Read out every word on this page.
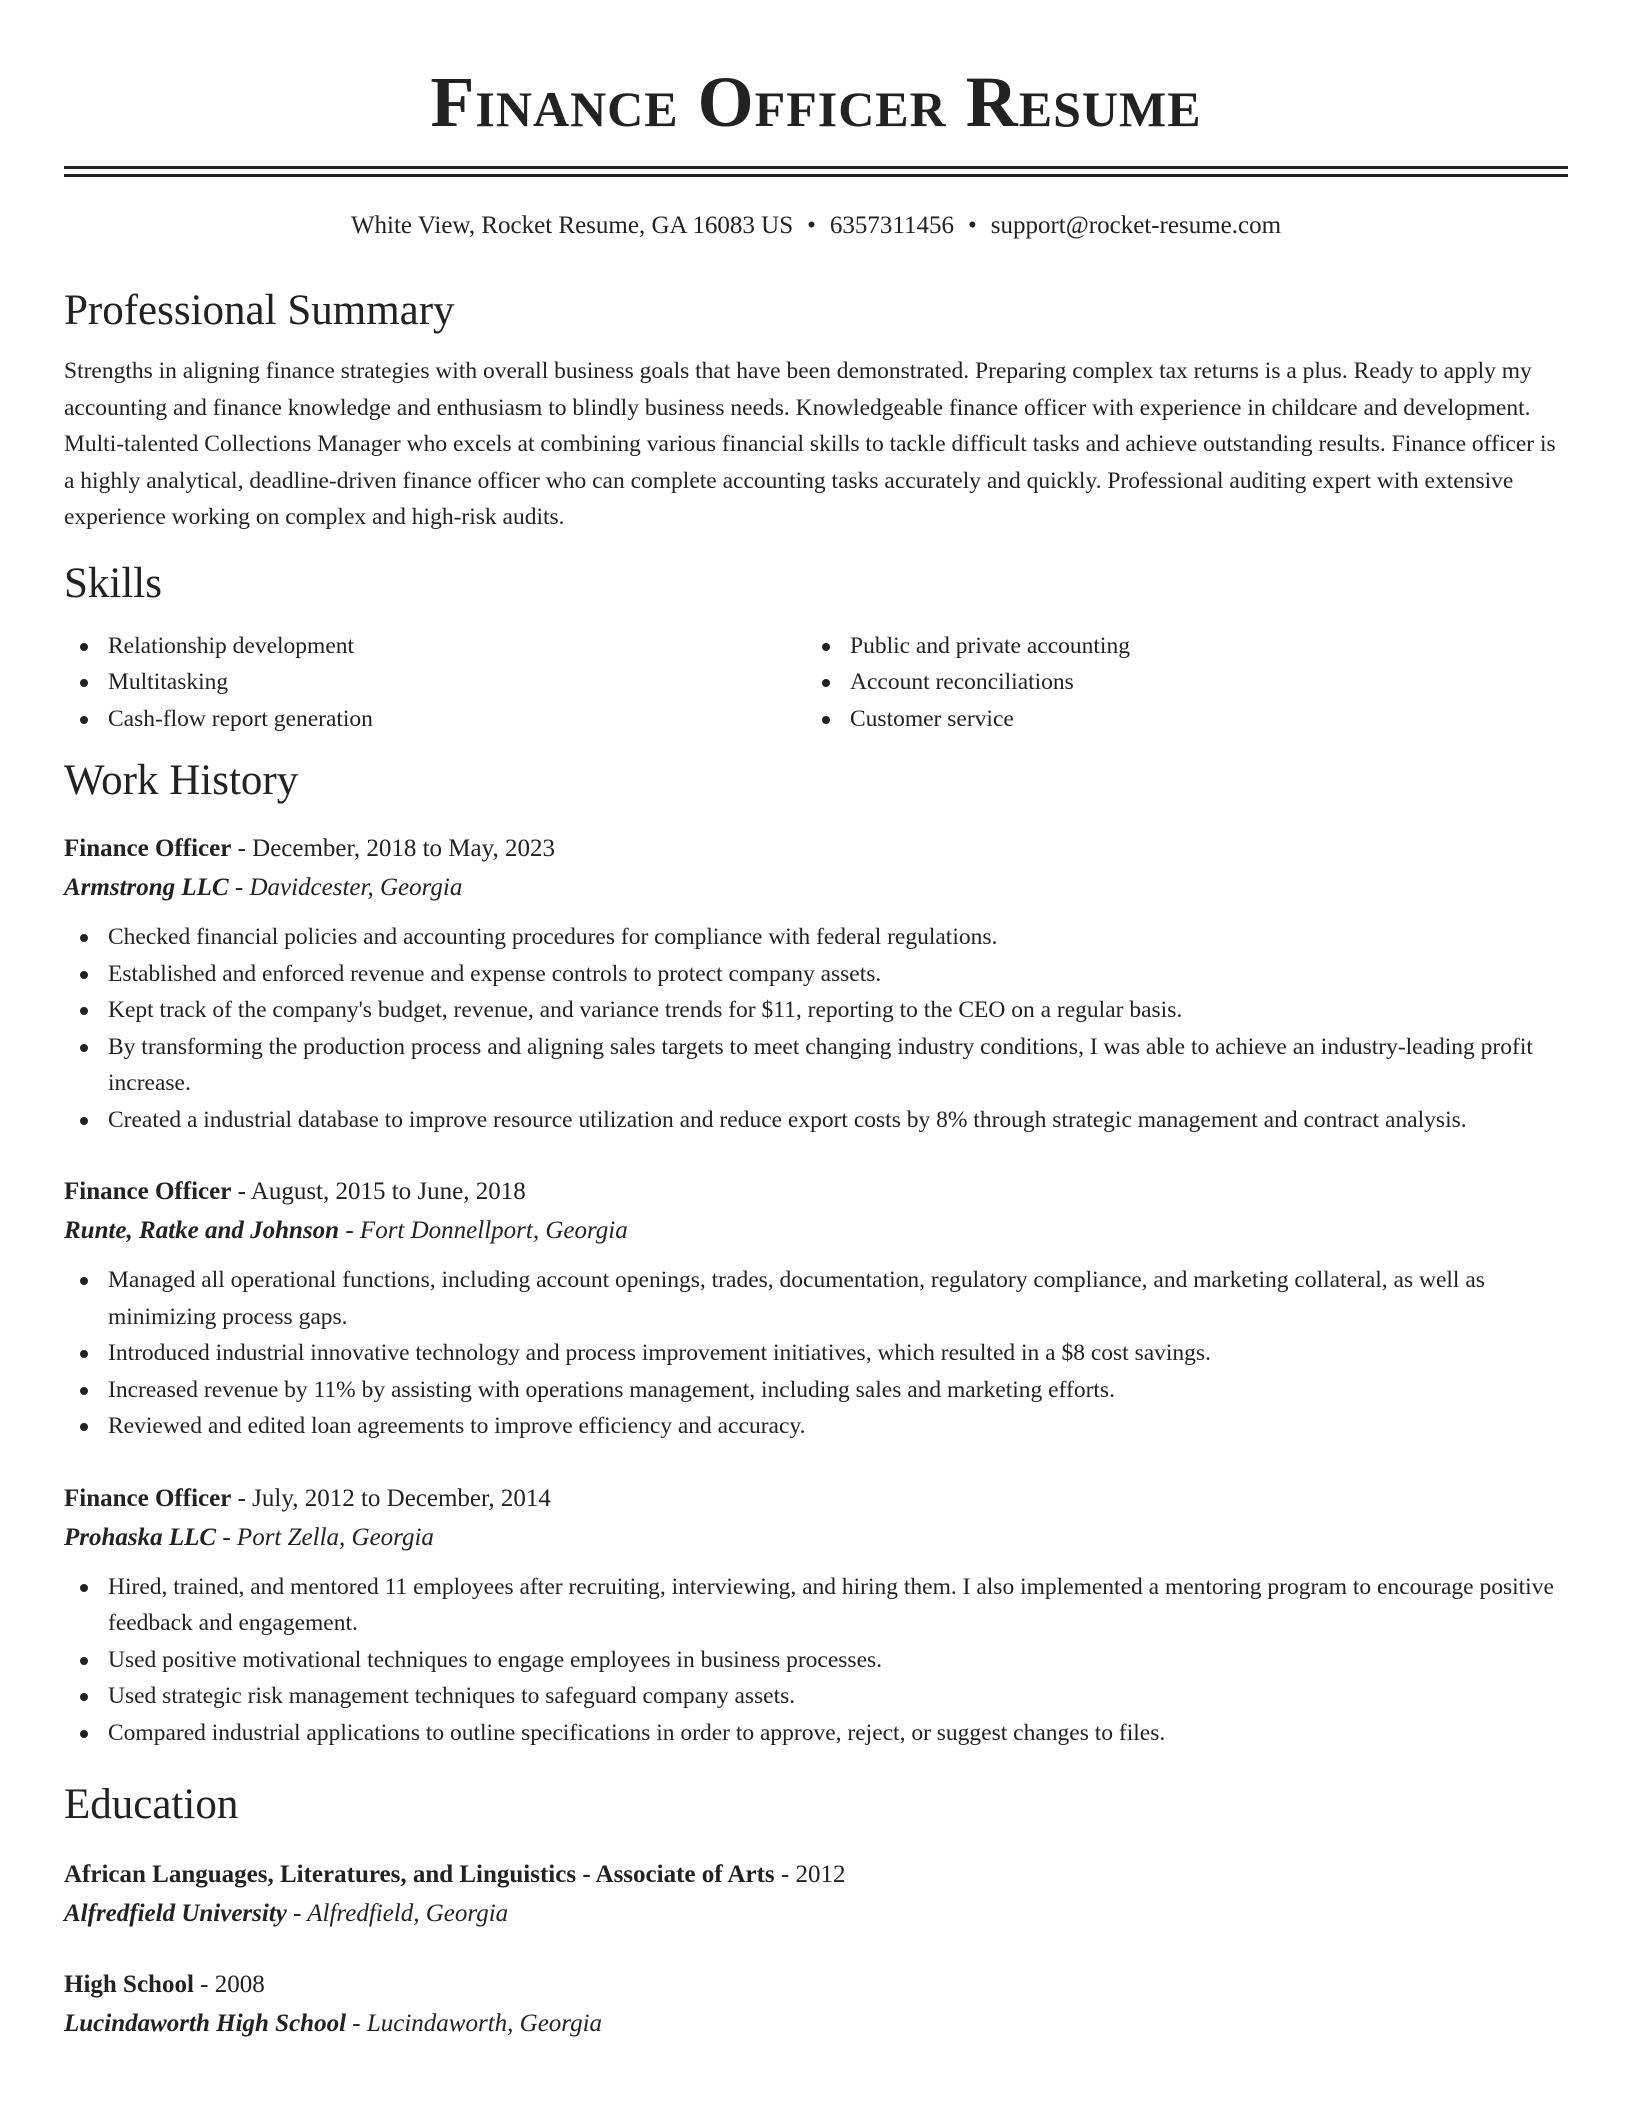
Finance Officer Resume
White View, Rocket Resume, GA 16083 US • 6357311456 • support@rocket-resume.com
Professional Summary

Strengths in aligning finance strategies with overall business goals that have been demonstrated. Preparing complex tax returns is a plus. Ready to apply my accounting and finance knowledge and enthusiasm to blindly business needs. Knowledgeable finance officer with experience in childcare and development. Multi-talented Collections Manager who excels at combining various financial skills to tackle difficult tasks and achieve outstanding results. Finance officer is a highly analytical, deadline-driven finance officer who can complete accounting tasks accurately and quickly. Professional auditing expert with extensive experience working on complex and high-risk audits.

Skills
Relationship development
Multitasking
Cash-flow report generation
Public and private accounting
Account reconciliations
Customer service
Work History
Finance Officer - December, 2018 to May, 2023
Armstrong LLC - Davidcester, Georgia
Checked financial policies and accounting procedures for compliance with federal regulations.
Established and enforced revenue and expense controls to protect company assets.
Kept track of the company's budget, revenue, and variance trends for $11, reporting to the CEO on a regular basis.
By transforming the production process and aligning sales targets to meet changing industry conditions, I was able to achieve an industry-leading profit increase.
Created a industrial database to improve resource utilization and reduce export costs by 8% through strategic management and contract analysis.
Finance Officer - August, 2015 to June, 2018
Runte, Ratke and Johnson - Fort Donnellport, Georgia
Managed all operational functions, including account openings, trades, documentation, regulatory compliance, and marketing collateral, as well as minimizing process gaps.
Introduced industrial innovative technology and process improvement initiatives, which resulted in a $8 cost savings.
Increased revenue by 11% by assisting with operations management, including sales and marketing efforts.
Reviewed and edited loan agreements to improve efficiency and accuracy.
Finance Officer - July, 2012 to December, 2014
Prohaska LLC - Port Zella, Georgia
Hired, trained, and mentored 11 employees after recruiting, interviewing, and hiring them. I also implemented a mentoring program to encourage positive feedback and engagement.
Used positive motivational techniques to engage employees in business processes.
Used strategic risk management techniques to safeguard company assets.
Compared industrial applications to outline specifications in order to approve, reject, or suggest changes to files.
Education
African Languages, Literatures, and Linguistics - Associate of Arts - 2012
Alfredfield University - Alfredfield, Georgia
High School - 2008
Lucindaworth High School - Lucindaworth, Georgia
